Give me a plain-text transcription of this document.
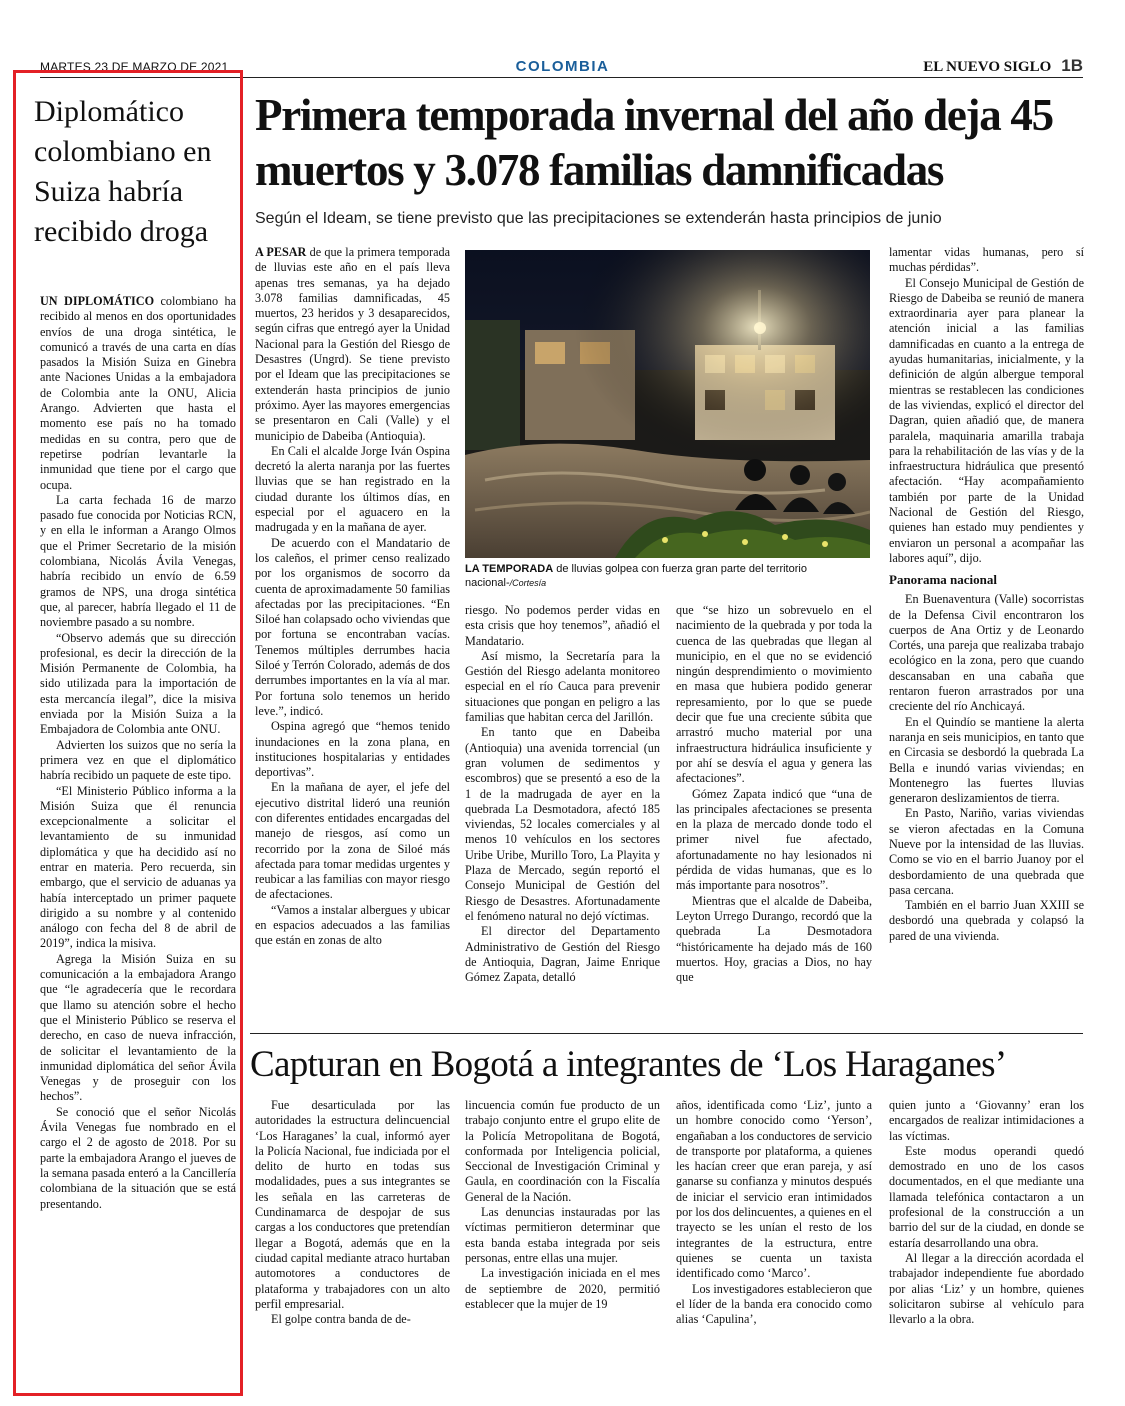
MARTES 23 DE MARZO DE 2021	COLOMBIA	EL NUEVO SIGLO 1B
Diplomático colombiano en Suiza habría recibido droga

UN DIPLOMÁTICO colombiano ha recibido al menos en dos oportunidades envíos de una droga sintética, le comunicó a través de una carta en días pasados la Misión Suiza en Ginebra ante Naciones Unidas a la embajadora de Colombia ante la ONU, Alicia Arango. Advierten que hasta el momento ese país no ha tomado medidas en su contra, pero que de repetirse podrían levantarle la inmunidad que tiene por el cargo que ocupa.

La carta fechada 16 de marzo pasado fue conocida por Noticias RCN, y en ella le informan a Arango Olmos que el Primer Secretario de la misión colombiana, Nicolás Ávila Venegas, habría recibido un envío de 6.59 gramos de NPS, una droga sintética que, al parecer, habría llegado el 11 de noviembre pasado a su nombre.

“Observo además que su dirección profesional, es decir la dirección de la Misión Permanente de Colombia, ha sido utilizada para la importación de esta mercancía ilegal”, dice la misiva enviada por la Misión Suiza a la Embajadora de Colombia ante ONU.

Advierten los suizos que no sería la primera vez en que el diplomático habría recibido un paquete de este tipo.

“El Ministerio Público informa a la Misión Suiza que él renuncia excepcionalmente a solicitar el levantamiento de su inmunidad diplomática y que ha decidido así no entrar en materia. Pero recuerda, sin embargo, que el servicio de aduanas ya había interceptado un primer paquete dirigido a su nombre y al contenido análogo con fecha del 8 de abril de 2019”, indica la misiva.

Agrega la Misión Suiza en su comunicación a la embajadora Arango que “le agradecería que le recordara que llamo su atención sobre el hecho que el Ministerio Público se reserva el derecho, en caso de nueva infracción, de solicitar el levantamiento de la inmunidad diplomática del señor Ávila Venegas y de proseguir con los hechos”.

Se conoció que el señor Nicolás Ávila Venegas fue nombrado en el cargo el 2 de agosto de 2018. Por su parte la embajadora Arango el jueves de la semana pasada enteró a la Cancillería colombiana de la situación que se está presentando.

Primera temporada invernal del año deja 45 muertos y 3.078 familias damnificadas
Según el Ideam, se tiene previsto que las precipitaciones se extenderán hasta principios de junio

A PESAR de que la primera temporada de lluvias este año en el país lleva apenas tres semanas, ya ha dejado 3.078 familias damnificadas, 45 muertos, 23 heridos y 3 desaparecidos, según cifras que entregó ayer la Unidad Nacional para la Gestión del Riesgo de Desastres (Ungrd). Se tiene previsto por el Ideam que las precipitaciones se extenderán hasta principios de junio próximo. Ayer las mayores emergencias se presentaron en Cali (Valle) y el municipio de Dabeiba (Antioquia).

En Cali el alcalde Jorge Iván Ospina decretó la alerta naranja por las fuertes lluvias que se han registrado en la ciudad durante los últimos días, en especial por el aguacero en la madrugada y en la mañana de ayer.

De acuerdo con el Mandatario de los caleños, el primer censo realizado por los organismos de socorro da cuenta de aproximadamente 50 familias afectadas por las precipitaciones. “En Siloé han colapsado ocho viviendas que por fortuna se encontraban vacías. Tenemos múltiples derrumbes hacia Siloé y Terrón Colorado, además de dos derrumbes importantes en la vía al mar. Por fortuna solo tenemos un herido leve.”, indicó.

Ospina agregó que “hemos tenido inundaciones en la zona plana, en instituciones hospitalarias y entidades deportivas”.

En la mañana de ayer, el jefe del ejecutivo distrital lideró una reunión con diferentes entidades encargadas del manejo de riesgos, así como un recorrido por la zona de Siloé más afectada para tomar medidas urgentes y reubicar a las familias con mayor riesgo de afectaciones.

“Vamos a instalar albergues y ubicar en espacios adecuados a las familias que están en zonas de alto

LA TEMPORADA de lluvias golpea con fuerza gran parte del territorio nacional-/Cortesía

riesgo. No podemos perder vidas en esta crisis que hoy tenemos”, añadió el Mandatario.

Así mismo, la Secretaría para la Gestión del Riesgo adelanta monitoreo especial en el río Cauca para prevenir situaciones que pongan en peligro a las familias que habitan cerca del Jarillón.

En tanto que en Dabeiba (Antioquia) una avenida torrencial (un gran volumen de sedimentos y escombros) que se presentó a eso de la 1 de la madrugada de ayer en la quebrada La Desmotadora, afectó 185 viviendas, 52 locales comerciales y al menos 10 vehículos en los sectores Uribe Uribe, Murillo Toro, La Playita y Plaza de Mercado, según reportó el Consejo Municipal de Gestión del Riesgo de Desastres. Afortunadamente el fenómeno natural no dejó víctimas.

El director del Departamento Administrativo de Gestión del Riesgo de Antioquia, Dagran, Jaime Enrique Gómez Zapata, detalló

que “se hizo un sobrevuelo en el nacimiento de la quebrada y por toda la cuenca de las quebradas que llegan al municipio, en el que no se evidenció ningún desprendimiento o movimiento en masa que hubiera podido generar represamiento, por lo que se puede decir que fue una creciente súbita que arrastró mucho material por una infraestructura hidráulica insuficiente y por ahí se desvía el agua y genera las afectaciones”.

Gómez Zapata indicó que “una de las principales afectaciones se presenta en la plaza de mercado donde todo el primer nivel fue afectado, afortunadamente no hay lesionados ni pérdida de vidas humanas, que es lo más importante para nosotros”.

Mientras que el alcalde de Dabeiba, Leyton Urrego Durango, recordó que la quebrada La Desmotadora “históricamente ha dejado más de 160 muertos. Hoy, gracias a Dios, no hay que

lamentar vidas humanas, pero sí muchas pérdidas”.

El Consejo Municipal de Gestión de Riesgo de Dabeiba se reunió de manera extraordinaria ayer para planear la atención inicial a las familias damnificadas en cuanto a la entrega de ayudas humanitarias, inicialmente, y la definición de algún albergue temporal mientras se restablecen las condiciones de las viviendas, explicó el director del Dagran, quien añadió que, de manera paralela, maquinaria amarilla trabaja para la rehabilitación de las vías y de la infraestructura hidráulica que presentó afectación. “Hay acompañamiento también por parte de la Unidad Nacional de Gestión del Riesgo, quienes han estado muy pendientes y enviaron un personal a acompañar las labores aquí”, dijo.

Panorama nacional

En Buenaventura (Valle) socorristas de la Defensa Civil encontraron los cuerpos de Ana Ortiz y de Leonardo Cortés, una pareja que realizaba trabajo ecológico en la zona, pero que cuando descansaban en una cabaña que rentaron fueron arrastrados por una creciente del río Anchicayá.

En el Quindío se mantiene la alerta naranja en seis municipios, en tanto que en Circasia se desbordó la quebrada La Bella e inundó varias viviendas; en Montenegro las fuertes lluvias generaron deslizamientos de tierra.

En Pasto, Nariño, varias viviendas se vieron afectadas en la Comuna Nueve por la intensidad de las lluvias. Como se vio en el barrio Juanoy por el desbordamiento de una quebrada que pasa cercana.

También en el barrio Juan XXIII se desbordó una quebrada y colapsó la pared de una vivienda.

Capturan en Bogotá a integrantes de ‘Los Haraganes’

Fue desarticulada por las autoridades la estructura delincuencial ‘Los Haraganes’ la cual, informó ayer la Policía Nacional, fue indiciada por el delito de hurto en todas sus modalidades, pues a sus integrantes se les señala en las carreteras de Cundinamarca de despojar de sus cargas a los conductores que pretendían llegar a Bogotá, además que en la ciudad capital mediante atraco hurtaban automotores a conductores de plataforma y trabajadores con un alto perfil empresarial.

El golpe contra banda de de-

lincuencia común fue producto de un trabajo conjunto entre el grupo elite de la Policía Metropolitana de Bogotá, conformada por Inteligencia policial, Seccional de Investigación Criminal y Gaula, en coordinación con la Fiscalía General de la Nación.

Las denuncias instauradas por las víctimas permitieron determinar que esta banda estaba integrada por seis personas, entre ellas una mujer.

La investigación iniciada en el mes de septiembre de 2020, permitió establecer que la mujer de 19

años, identificada como ‘Liz’, junto a un hombre conocido como ‘Yerson’, engañaban a los conductores de servicio de transporte por plataforma, a quienes les hacían creer que eran pareja, y así ganarse su confianza y minutos después de iniciar el servicio eran intimidados por los dos delincuentes, a quienes en el trayecto se les unían el resto de los integrantes de la estructura, entre quienes se cuenta un taxista identificado como ‘Marco’.

Los investigadores establecieron que el líder de la banda era conocido como alias ‘Capulina’,

quien junto a ‘Giovanny’ eran los encargados de realizar intimidaciones a las víctimas.

Este modus operandi quedó demostrado en uno de los casos documentados, en el que mediante una llamada telefónica contactaron a un profesional de la construcción a un barrio del sur de la ciudad, en donde se estaría desarrollando una obra.

Al llegar a la dirección acordada el trabajador independiente fue abordado por alias ‘Liz’ y un hombre, quienes solicitaron subirse al vehículo para llevarlo a la obra.
